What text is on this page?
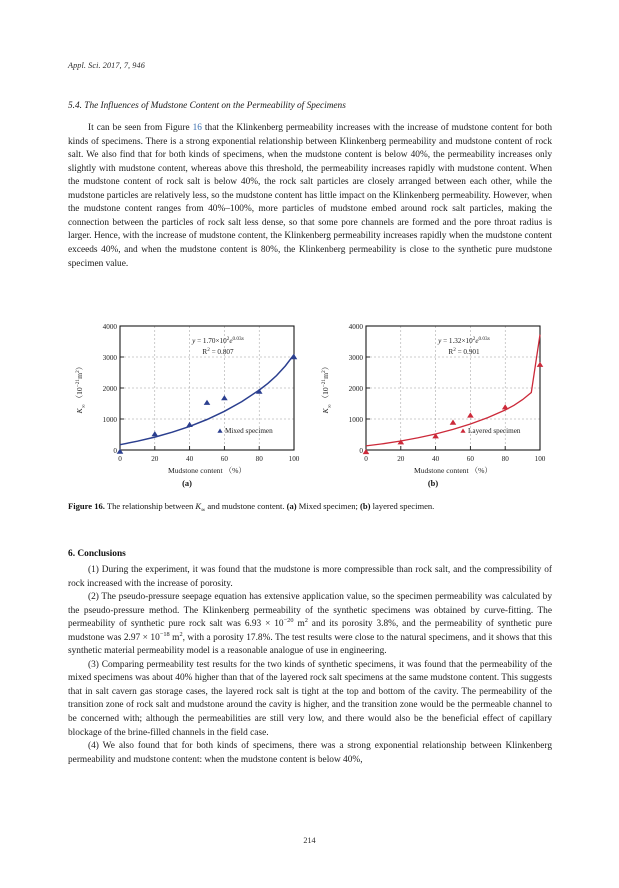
Appl. Sci. 2017, 7, 946
5.4. The Influences of Mudstone Content on the Permeability of Specimens

It can be seen from Figure 16 that the Klinkenberg permeability increases with the increase of mudstone content for both kinds of specimens. There is a strong exponential relationship between Klinkenberg permeability and mudstone content of rock salt. We also find that for both kinds of specimens, when the mudstone content is below 40%, the permeability increases only slightly with mudstone content, whereas above this threshold, the permeability increases rapidly with mudstone content. When the mudstone content of rock salt is below 40%, the rock salt particles are closely arranged between each other, while the mudstone particles are relatively less, so the mudstone content has little impact on the Klinkenberg permeability. However, when the mudstone content ranges from 40%–100%, more particles of mudstone embed around rock salt particles, making the connection between the particles of rock salt less dense, so that some pore channels are formed and the pore throat radius is larger. Hence, with the increase of mudstone content, the Klinkenberg permeability increases rapidly when the mudstone content exceeds 40%, and when the mudstone content is 80%, the Klinkenberg permeability is close to the synthetic pure mudstone specimen value.

0
1000
2000
3000
4000
0	20	40	60	80	100
Mudstone content （%）
$K_\infty$ $(10^{-21}m^2)$
Mixed specimen
$y = 1.70\times 10^2e^{0.03x}$
$R^2 = 0.807$
(a)
0
1000
2000
3000
4000
0	20	40	60	80	100
Mudstone content （%）
$K_\infty$ $(10^{-21}m^2)$
Layered specimen
$y = 1.32\times 10^2e^{0.03x}$
$R^2 = 0.901$
(b)
Figure 16. The relationship between $K_\infty$ and mudstone content. (a) Mixed specimen; (b) layered specimen.
6. Conclusions

(1) During the experiment, it was found that the mudstone is more compressible than rock salt, and the compressibility of rock increased with the increase of porosity.

(2) The pseudo-pressure seepage equation has extensive application value, so the specimen permeability was calculated by the pseudo-pressure method. The Klinkenberg permeability of the synthetic specimens was obtained by curve-fitting. The permeability of synthetic pure rock salt was $6.93 \times 10^{-20}$ $m^2$ and its porosity 3.8%, and the permeability of synthetic pure mudstone was $2.97 \times 10^{-18}$ $m^2$, with a porosity 17.8%. The test results were close to the natural specimens, and it shows that this synthetic material permeability model is a reasonable analogue of use in engineering.

(3) Comparing permeability test results for the two kinds of synthetic specimens, it was found that the permeability of the mixed specimens was about 40% higher than that of the layered rock salt specimens at the same mudstone content. This suggests that in salt cavern gas storage cases, the layered rock salt is tight at the top and bottom of the cavity. The permeability of the transition zone of rock salt and mudstone around the cavity is higher, and the transition zone would be the permeable channel to be concerned with; although the permeabilities are still very low, and there would also be the beneficial effect of capillary blockage of the brine-filled channels in the field case.

(4) We also found that for both kinds of specimens, there was a strong exponential relationship between Klinkenberg permeability and mudstone content: when the mudstone content is below 40%,

214
